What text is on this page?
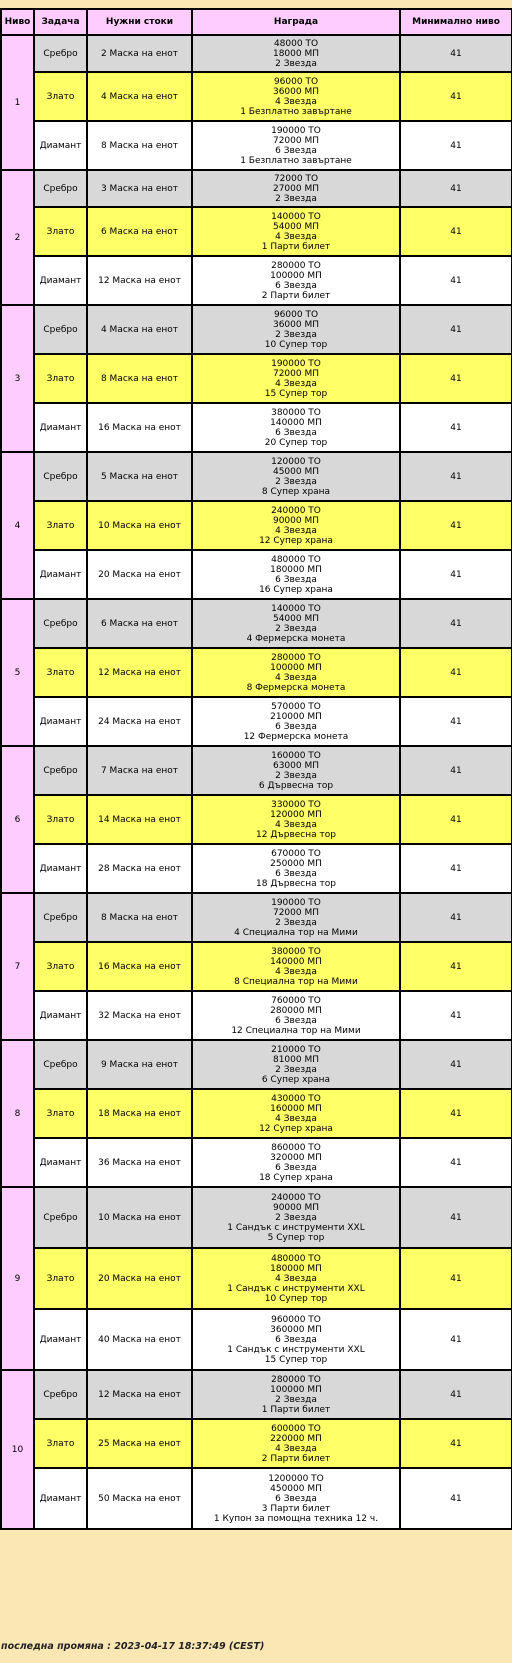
Ниво	Задача	Нужни стоки	Награда	Минимално ниво
1	Сребро	2 Маска на енот	48000 TO
18000 МП
2 Звезда	41
	Злато	4 Маска на енот	96000 TO
36000 МП
4 Звезда
1 Безплатно завъртане	41
	Диамант	8 Маска на енот	190000 TO
72000 МП
6 Звезда
1 Безплатно завъртане	41
2	Сребро	3 Маска на енот	72000 TO
27000 МП
2 Звезда	41
	Злато	6 Маска на енот	140000 TO
54000 МП
4 Звезда
1 Парти билет	41
	Диамант	12 Маска на енот	280000 TO
100000 МП
6 Звезда
2 Парти билет	41
3	Сребро	4 Маска на енот	96000 TO
36000 МП
2 Звезда
10 Супер тор	41
	Злато	8 Маска на енот	190000 TO
72000 МП
4 Звезда
15 Супер тор	41
	Диамант	16 Маска на енот	380000 TO
140000 МП
6 Звезда
20 Супер тор	41
4	Сребро	5 Маска на енот	120000 TO
45000 МП
2 Звезда
8 Супер храна	41
	Злато	10 Маска на енот	240000 TO
90000 МП
4 Звезда
12 Супер храна	41
	Диамант	20 Маска на енот	480000 TO
180000 МП
6 Звезда
16 Супер храна	41
5	Сребро	6 Маска на енот	140000 TO
54000 МП
2 Звезда
4 Фермерска монета	41
	Злато	12 Маска на енот	280000 TO
100000 МП
4 Звезда
8 Фермерска монета	41
	Диамант	24 Маска на енот	570000 TO
210000 МП
6 Звезда
12 Фермерска монета	41
6	Сребро	7 Маска на енот	160000 TO
63000 МП
2 Звезда
6 Дървесна тор	41
	Злато	14 Маска на енот	330000 TO
120000 МП
4 Звезда
12 Дървесна тор	41
	Диамант	28 Маска на енот	670000 TO
250000 МП
6 Звезда
18 Дървесна тор	41
7	Сребро	8 Маска на енот	190000 TO
72000 МП
2 Звезда
4 Специална тор на Мими	41
	Злато	16 Маска на енот	380000 TO
140000 МП
4 Звезда
8 Специална тор на Мими	41
	Диамант	32 Маска на енот	760000 TO
280000 МП
6 Звезда
12 Специална тор на Мими	41
8	Сребро	9 Маска на енот	210000 TO
81000 МП
2 Звезда
6 Супер храна	41
	Злато	18 Маска на енот	430000 TO
160000 МП
4 Звезда
12 Супер храна	41
	Диамант	36 Маска на енот	860000 TO
320000 МП
6 Звезда
18 Супер храна	41
9	Сребро	10 Маска на енот	240000 TO
90000 МП
2 Звезда
1 Сандък с инструменти XXL
5 Супер тор	41
	Злато	20 Маска на енот	480000 TO
180000 МП
4 Звезда
1 Сандък с инструменти XXL
10 Супер тор	41
	Диамант	40 Маска на енот	960000 TO
360000 МП
6 Звезда
1 Сандък с инструменти XXL
15 Супер тор	41
10	Сребро	12 Маска на енот	280000 TO
100000 МП
2 Звезда
1 Парти билет	41
	Злато	25 Маска на енот	600000 TO
220000 МП
4 Звезда
2 Парти билет	41
	Диамант	50 Маска на енот	1200000 TO
450000 МП
6 Звезда
3 Парти билет
1 Купон за помощна техника 12 ч.	41
последна промяна : 2023-04-17 18:37:49 (CEST)
